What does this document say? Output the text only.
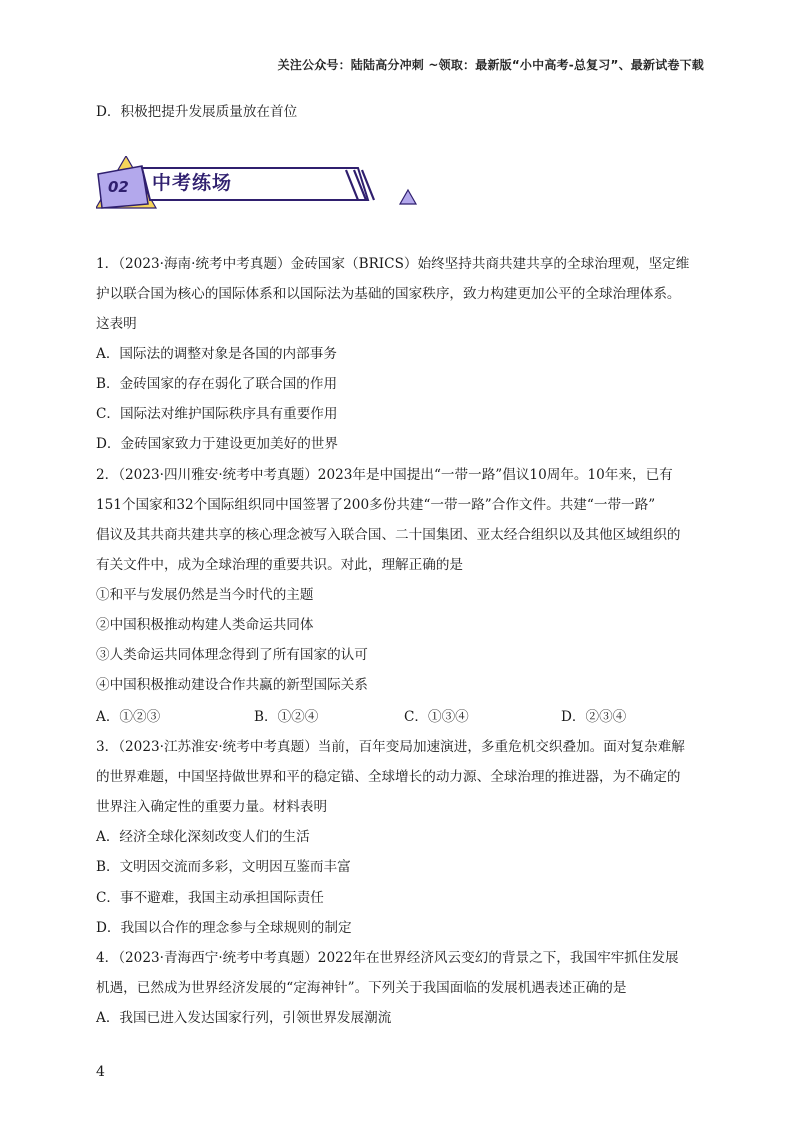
关注公众号：陆陆高分冲刺 ~领取：最新版“小中高考-总复习”、最新试卷下载
D．积极把提升发展质量放在首位
02 中考练场
1．（2023·海南·统考中考真题）金砖国家（BRICS）始终坚持共商共建共享的全球治理观，坚定维
护以联合国为核心的国际体系和以国际法为基础的国家秩序，致力构建更加公平的全球治理体系。
这表明
A．国际法的调整对象是各国的内部事务
B．金砖国家的存在弱化了联合国的作用
C．国际法对维护国际秩序具有重要作用
D．金砖国家致力于建设更加美好的世界
2．（2023·四川雅安·统考中考真题）2023年是中国提出“一带一路”倡议10周年。10年来，已有
151个国家和32个国际组织同中国签署了200多份共建“一带一路”合作文件。共建“一带一路”
倡议及其共商共建共享的核心理念被写入联合国、二十国集团、亚太经合组织以及其他区域组织的
有关文件中，成为全球治理的重要共识。对此，理解正确的是
①和平与发展仍然是当今时代的主题
②中国积极推动构建人类命运共同体
③人类命运共同体理念得到了所有国家的认可
④中国积极推动建设合作共赢的新型国际关系
A．①②③	B．①②④	C．①③④	D．②③④
3．（2023·江苏淮安·统考中考真题）当前，百年变局加速演进，多重危机交织叠加。面对复杂难解
的世界难题，中国坚持做世界和平的稳定锚、全球增长的动力源、全球治理的推进器，为不确定的
世界注入确定性的重要力量。材料表明
A．经济全球化深刻改变人们的生活
B．文明因交流而多彩，文明因互鉴而丰富
C．事不避难，我国主动承担国际责任
D．我国以合作的理念参与全球规则的制定
4．（2023·青海西宁·统考中考真题）2022年在世界经济风云变幻的背景之下，我国牢牢抓住发展
机遇，已然成为世界经济发展的“定海神针”。下列关于我国面临的发展机遇表述正确的是
A．我国已进入发达国家行列，引领世界发展潮流
4
